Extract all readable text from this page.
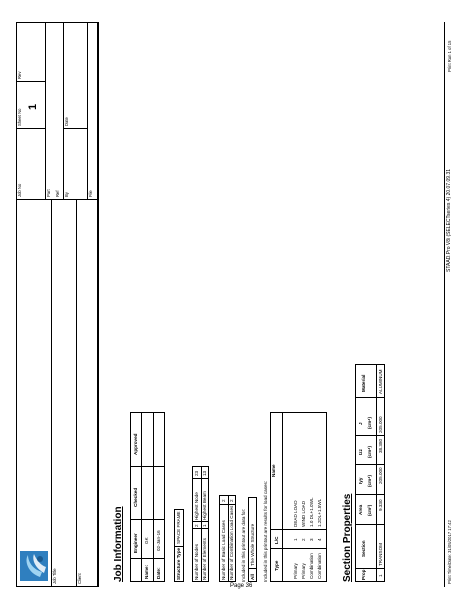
Page 36
Job Title	Client
Job No
Sheet No
1
Rev
Part Ref By
Date
File
Job Information Engineer
Checked
Approved
Name:
GK
Date:
02-Jan-16
Structure Type
SPACE FRAME
Number of Nodes
2
Highest Node
23
Number of Elements
1
Highest Beam
13
Number of Basic Load Cases
2
Number of Combination Load Cases
2
Included in this printout are data for: All
The Whole Structure Included in this printout are results for load cases: Type
L/C
Name
Primary
1
DEAD LOAD
Primary
2
WIND LOAD
Combination
3
1.0 DL+1.0WL
Combination
4
1.2DL+1.5WL Section Properties Prop
Section
Area (cm²)
Iyy (cm⁴)
Izz (cm⁴)
J (cm⁴)
1
TRANSOM
9.330
205.000
38.380
205.000
Material	ALUMINUM
Print Time/Date: 31/05/2017 17:42
STAAD.Pro V8i (SELECTseries 4) 20.07.09.31
Print Run 1 of 15
